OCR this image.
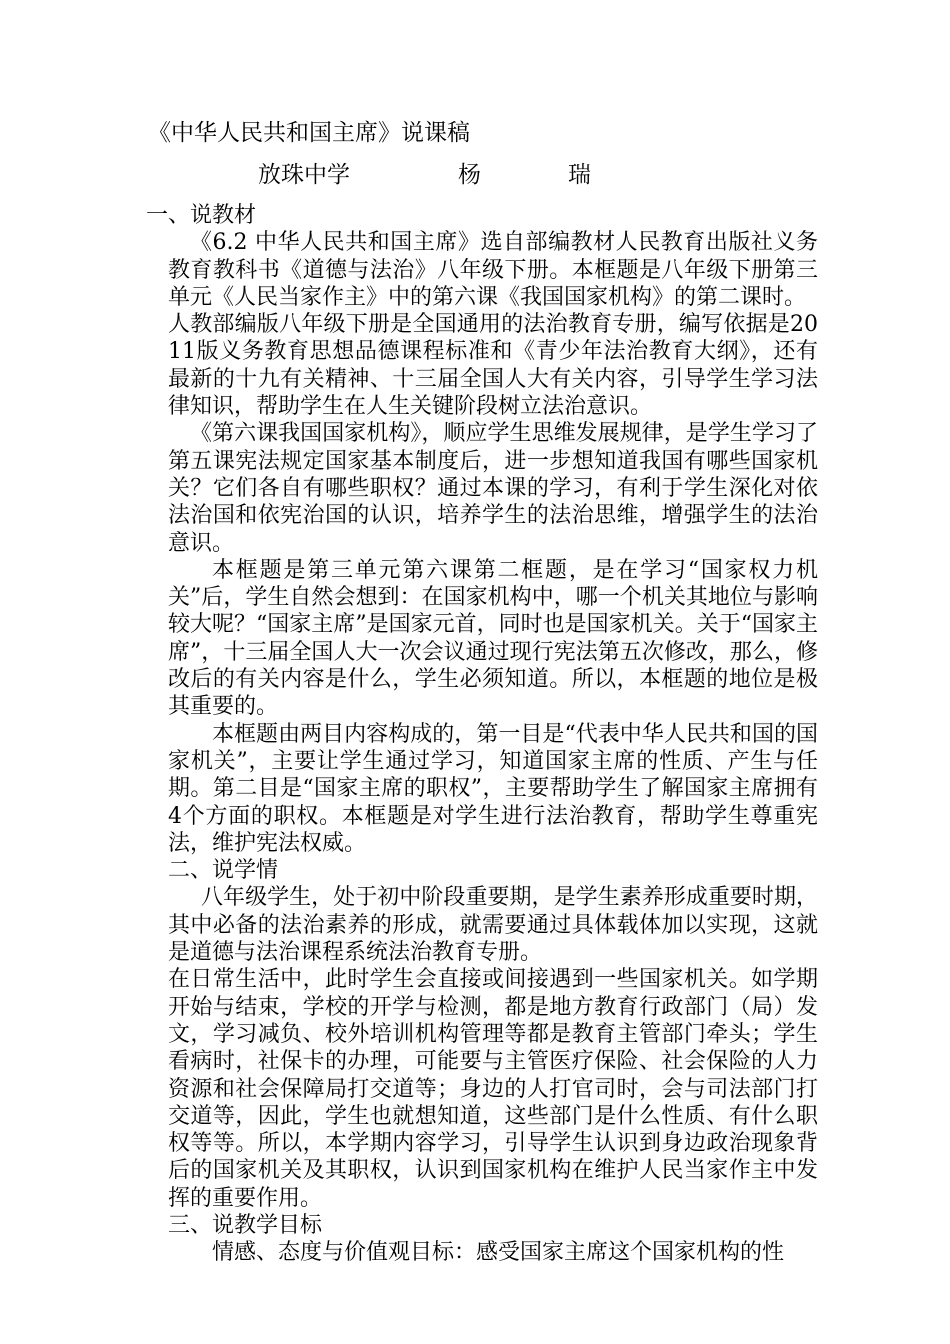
《中华人民共和国主席》说课稿
放珠中学	杨	瑞

一、说教材

《6.2 中华人民共和国主席》选自部编教材人民教育出版社义务教育教科书《道德与法治》八年级下册。本框题是八年级下册第三单元《人民当家作主》中的第六课《我国国家机构》的第二课时。

人教部编版八年级下册是全国通用的法治教育专册，编写依据是2011版义务教育思想品德课程标准和《青少年法治教育大纲》，还有最新的十九有关精神、十三届全国人大有关内容，引导学生学习法律知识，帮助学生在人生关键阶段树立法治意识。

《第六课我国国家机构》，顺应学生思维发展规律，是学生学习了第五课宪法规定国家基本制度后，进一步想知道我国有哪些国家机关？它们各自有哪些职权？通过本课的学习，有利于学生深化对依法治国和依宪治国的认识，培养学生的法治思维，增强学生的法治意识。

本框题是第三单元第六课第二框题，是在学习“国家权力机关”后，学生自然会想到：在国家机构中，哪一个机关其地位与影响较大呢？“国家主席”是国家元首，同时也是国家机关。关于“国家主席”，十三届全国人大一次会议通过现行宪法第五次修改，那么，修改后的有关内容是什么，学生必须知道。所以，本框题的地位是极其重要的。

本框题由两目内容构成的，第一目是“代表中华人民共和国的国家机关”，主要让学生通过学习，知道国家主席的性质、产生与任期。第二目是“国家主席的职权”，主要帮助学生了解国家主席拥有4个方面的职权。本框题是对学生进行法治教育，帮助学生尊重宪法，维护宪法权威。

二、说学情

八年级学生，处于初中阶段重要期，是学生素养形成重要时期，其中必备的法治素养的形成，就需要通过具体载体加以实现，这就是道德与法治课程系统法治教育专册。

在日常生活中，此时学生会直接或间接遇到一些国家机关。如学期开始与结束，学校的开学与检测，都是地方教育行政部门（局）发文，学习减负、校外培训机构管理等都是教育主管部门牵头；学生看病时，社保卡的办理，可能要与主管医疗保险、社会保险的人力资源和社会保障局打交道等；身边的人打官司时，会与司法部门打交道等，因此，学生也就想知道，这些部门是什么性质、有什么职权等等。所以，本学期内容学习，引导学生认识到身边政治现象背后的国家机关及其职权，认识到国家机构在维护人民当家作主中发挥的重要作用。

三、说教学目标

情感、态度与价值观目标：感受国家主席这个国家机构的性
